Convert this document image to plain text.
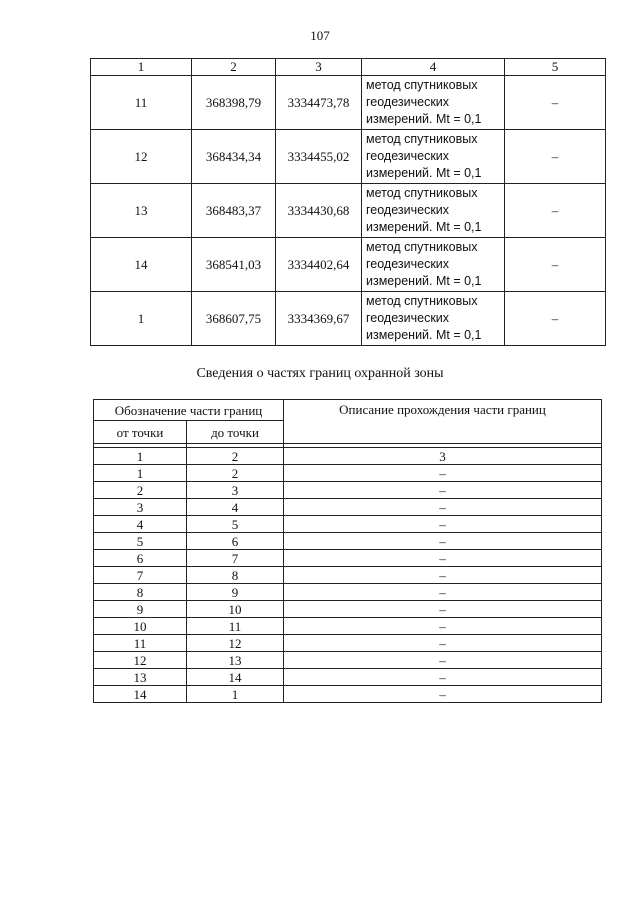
107
1	2	3	4	5
11	368398,79	3334473,78	метод спутниковых
геодезических
измерений. Mt = 0,1	–
12	368434,34	3334455,02	метод спутниковых
геодезических
измерений. Mt = 0,1	–
13	368483,37	3334430,68	метод спутниковых
геодезических
измерений. Mt = 0,1	–
14	368541,03	3334402,64	метод спутниковых
геодезических
измерений. Mt = 0,1	–
1	368607,75	3334369,67	метод спутниковых
геодезических
измерений. Mt = 0,1	–
Сведения о частях границ охранной зоны
Обозначение части границ		Описание прохождения части границ
от точки	до точки	

1	2	3
1	2	–
2	3	–
3	4	–
4	5	–
5	6	–
6	7	–
7	8	–
8	9	–
9	10	–
10	11	–
11	12	–
12	13	–
13	14	–
14	1	–
